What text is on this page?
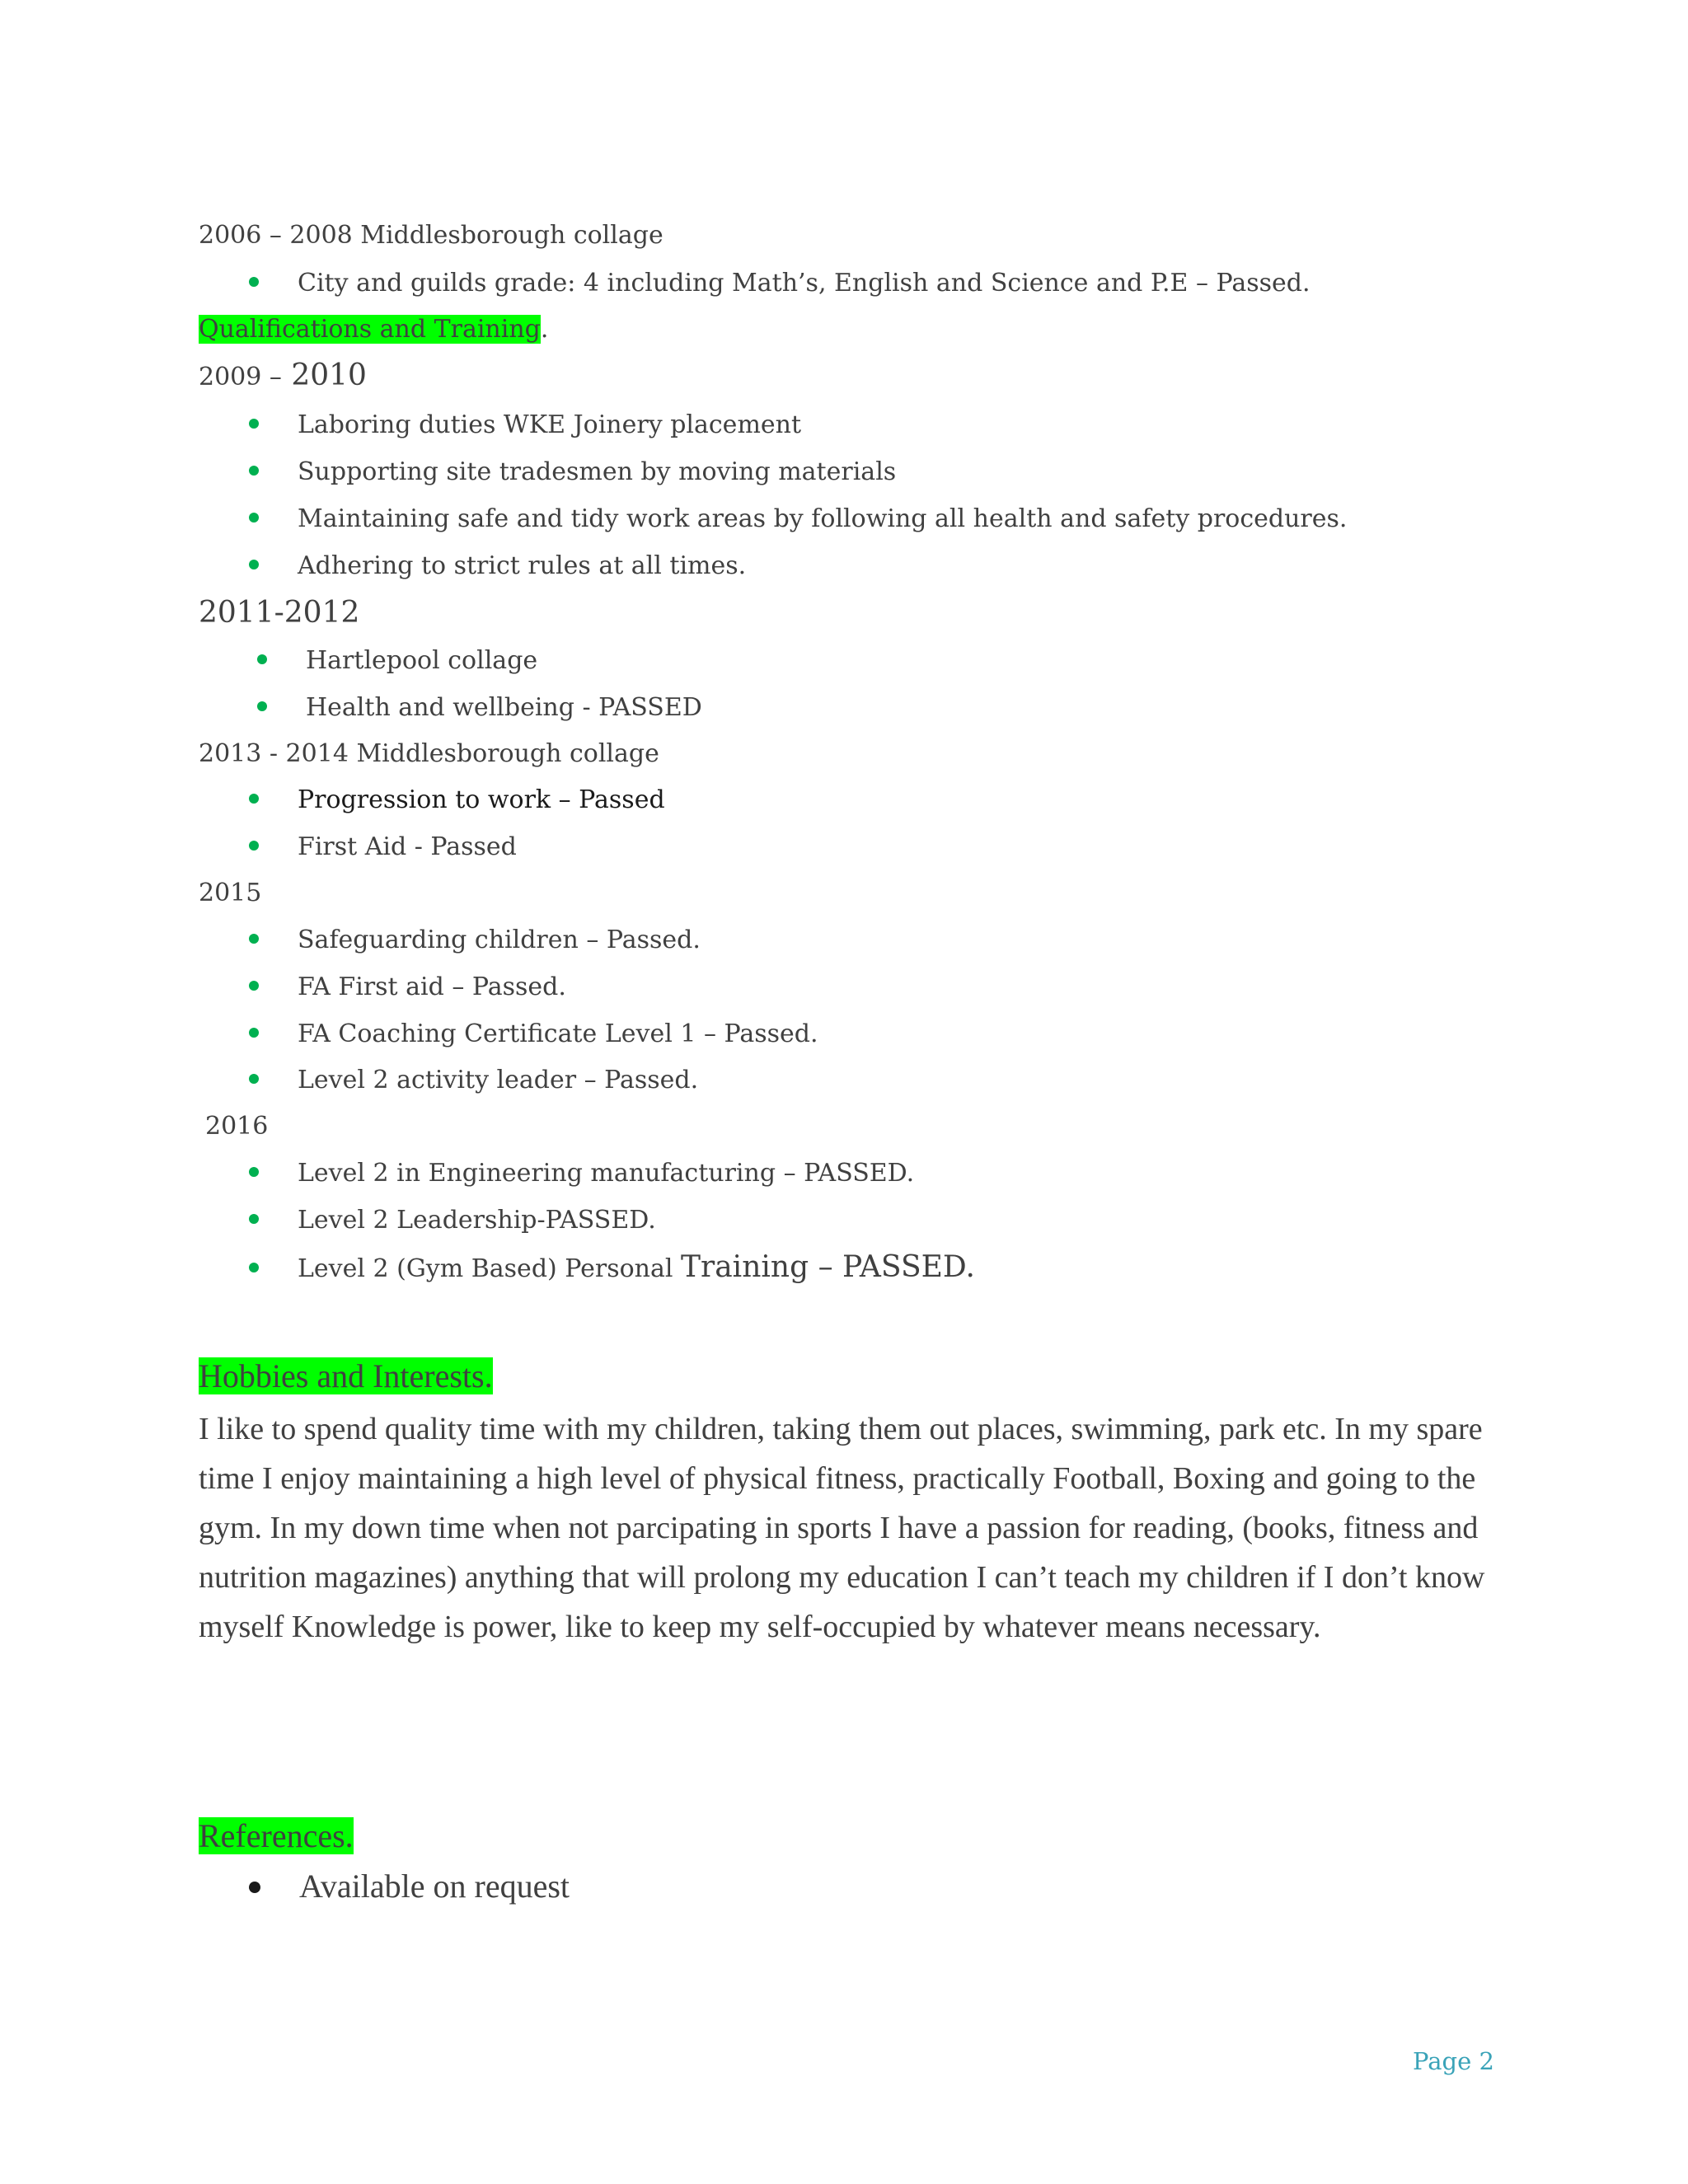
2006 – 2008 Middlesborough collage
City and guilds grade: 4 including Math’s, English and Science and P.E – Passed.
Qualifications and Training.
2009 – 2010
Laboring duties WKE Joinery placement
Supporting site tradesmen by moving materials
Maintaining safe and tidy work areas by following all health and safety procedures.
Adhering to strict rules at all times.
2011-2012
Hartlepool collage
Health and wellbeing - PASSED
2013 - 2014 Middlesborough collage
Progression to work – Passed
First Aid - Passed
2015
Safeguarding children – Passed.
FA First aid – Passed.
FA Coaching Certificate Level 1 – Passed.
Level 2 activity leader – Passed.
2016
Level 2 in Engineering manufacturing – PASSED.
Level 2 Leadership-PASSED.
Level 2 (Gym Based) Personal Training – PASSED.
Hobbies and Interests.
I like to spend quality time with my children, taking them out places, swimming, park etc. In my spare time I enjoy maintaining a high level of physical fitness, practically Football, Boxing and going to the gym. In my down time when not parcipating in sports I have a passion for reading, (books, fitness and nutrition magazines) anything that will prolong my education I can’t teach my children if I don’t know myself Knowledge is power, like to keep my self-occupied by whatever means necessary.
References.
Available on request
Page 2
